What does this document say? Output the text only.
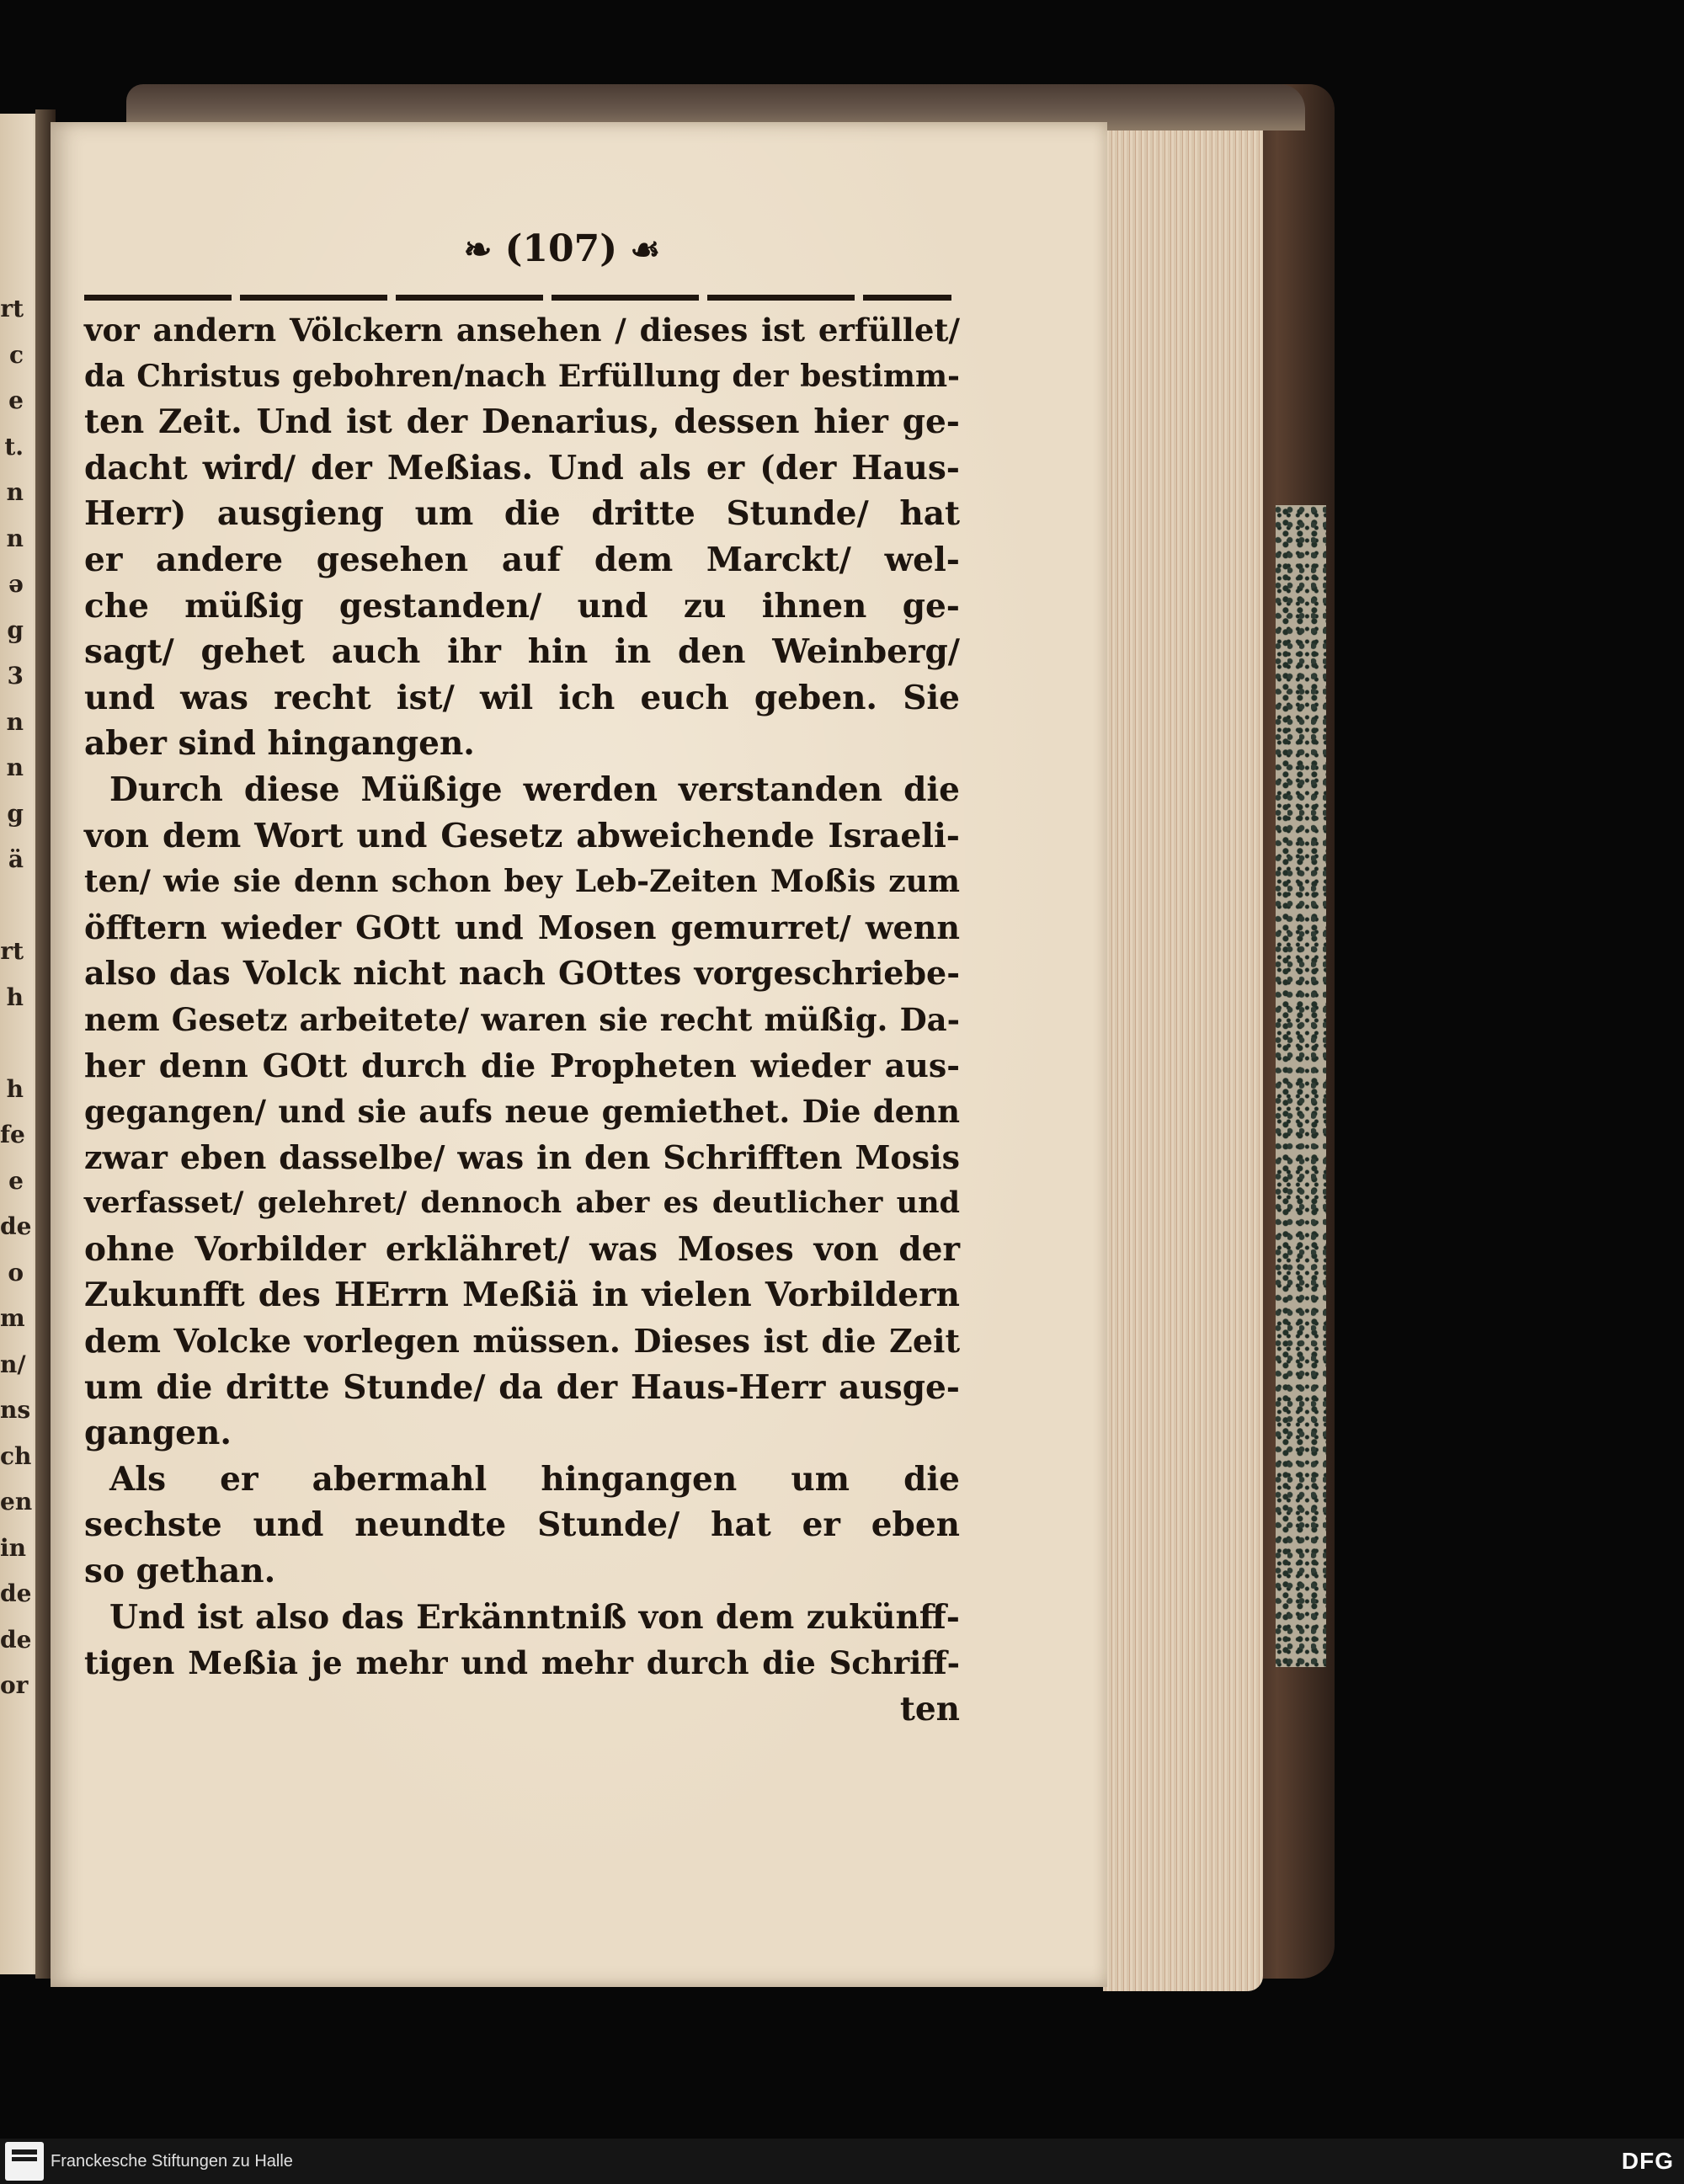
rt
c
e
t.
n
n
ǝ
g
3
n
n
g
ä
rt
h
h
fe
e
de
o
m
n/
ns
ch
en
in
de
de
or
❧ (107) ☙
vor andern Völckern ansehen / dieses ist erfüllet/
da Christus gebohren/nach Erfüllung der bestimm-
ten Zeit. Und ist der Denarius, dessen hier ge-
dacht wird/ der Meßias. Und als er (der Haus-
Herr) ausgieng um die dritte Stunde/ hat
er andere gesehen auf dem Marckt/ wel-
che müßig gestanden/ und zu ihnen ge-
sagt/ gehet auch ihr hin in den Weinberg/
und was recht ist/ wil ich euch geben. Sie
aber sind hingangen.
Durch diese Müßige werden verstanden die
von dem Wort und Gesetz abweichende Israeli-
ten/ wie sie denn schon bey Leb-Zeiten Moßis zum
öfftern wieder GOtt und Mosen gemurret/ wenn
also das Volck nicht nach GOttes vorgeschriebe-
nem Gesetz arbeitete/ waren sie recht müßig. Da-
her denn GOtt durch die Propheten wieder aus-
gegangen/ und sie aufs neue gemiethet. Die denn
zwar eben dasselbe/ was in den Schrifften Mosis
verfasset/ gelehret/ dennoch aber es deutlicher und
ohne Vorbilder erklähret/ was Moses von der
Zukunfft des HErrn Meßiä in vielen Vorbildern
dem Volcke vorlegen müssen. Dieses ist die Zeit
um die dritte Stunde/ da der Haus-Herr ausge-
gangen.
Als er abermahl hingangen um die
sechste und neundte Stunde/ hat er eben
so gethan.
Und ist also das Erkänntniß von dem zukünff-
tigen Meßia je mehr und mehr durch die Schriff-
ten
Franckesche Stiftungen zu Halle	DFG
